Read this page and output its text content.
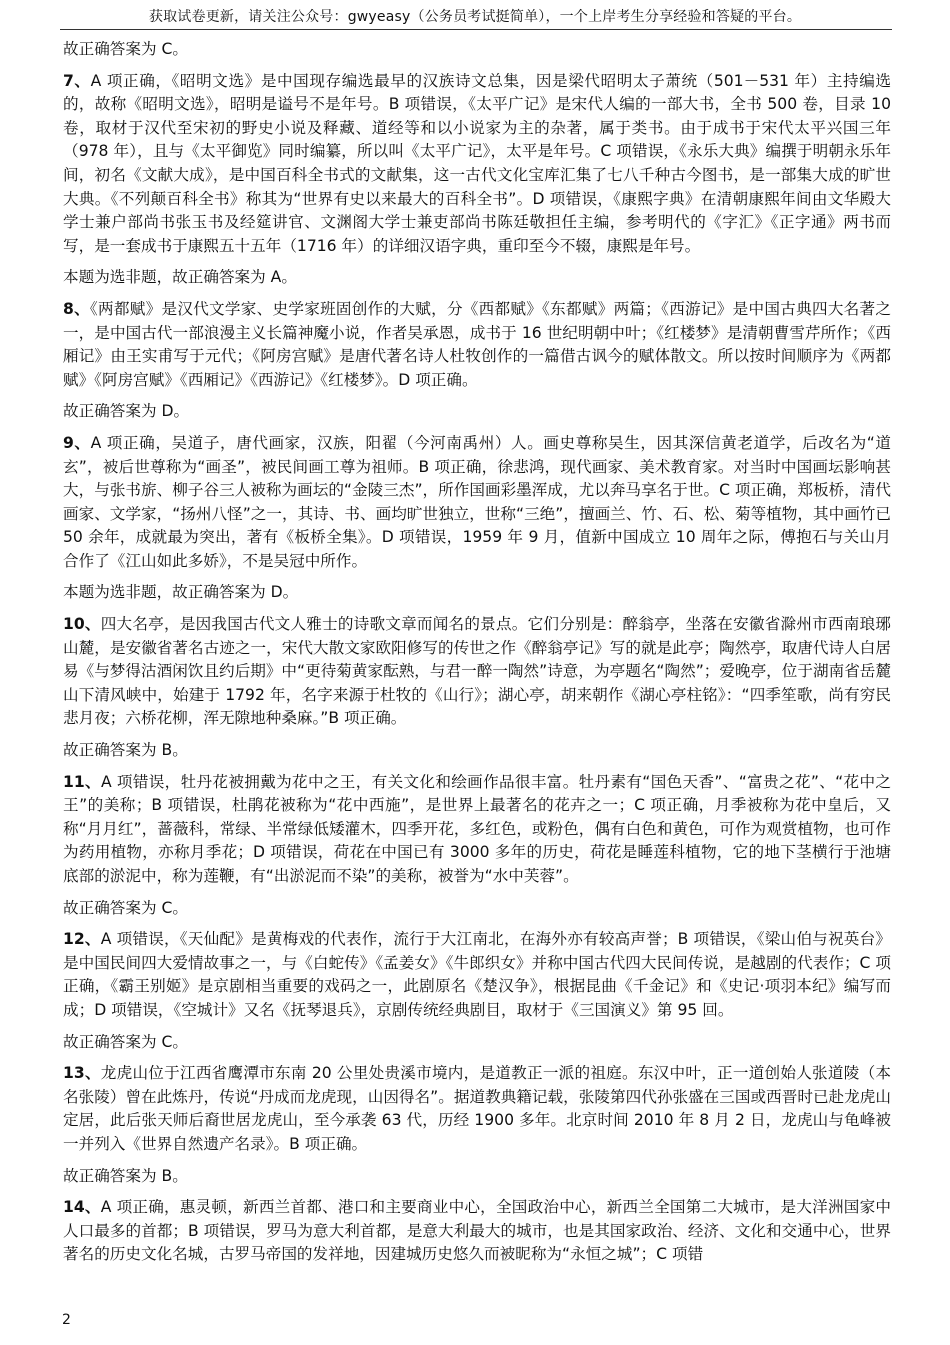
获取试卷更新，请关注公众号：gwyeasy（公务员考试挺简单），一个上岸考生分享经验和答疑的平台。

故正确答案为 C。

7、A 项正确，《昭明文选》是中国现存编选最早的汉族诗文总集，因是梁代昭明太子萧统（501－531 年）主持编选的，故称《昭明文选》，昭明是谥号不是年号。B 项错误，《太平广记》是宋代人编的一部大书，全书 500 卷，目录 10 卷，取材于汉代至宋初的野史小说及释藏、道经等和以小说家为主的杂著，属于类书。由于成书于宋代太平兴国三年（978 年），且与《太平御览》同时编纂，所以叫《太平广记》，太平是年号。C 项错误，《永乐大典》编撰于明朝永乐年间，初名《文献大成》，是中国百科全书式的文献集，这一古代文化宝库汇集了七八千种古今图书，是一部集大成的旷世大典。《不列颠百科全书》称其为“世界有史以来最大的百科全书”。D 项错误，《康熙字典》在清朝康熙年间由文华殿大学士兼户部尚书张玉书及经筵讲官、文渊阁大学士兼吏部尚书陈廷敬担任主编，参考明代的《字汇》《正字通》两书而写，是一套成书于康熙五十五年（1716 年）的详细汉语字典，重印至今不辍，康熙是年号。

本题为选非题，故正确答案为 A。

8、《两都赋》是汉代文学家、史学家班固创作的大赋，分《西都赋》《东都赋》两篇；《西游记》是中国古典四大名著之一，是中国古代一部浪漫主义长篇神魔小说，作者吴承恩，成书于 16 世纪明朝中叶；《红楼梦》是清朝曹雪芹所作；《西厢记》由王实甫写于元代；《阿房宫赋》是唐代著名诗人杜牧创作的一篇借古讽今的赋体散文。所以按时间顺序为《两都赋》《阿房宫赋》《西厢记》《西游记》《红楼梦》。D 项正确。

故正确答案为 D。

9、A 项正确，吴道子，唐代画家，汉族，阳翟（今河南禹州）人。画史尊称吴生，因其深信黄老道学，后改名为“道玄”，被后世尊称为“画圣”，被民间画工尊为祖师。B 项正确，徐悲鸿，现代画家、美术教育家。对当时中国画坛影响甚大，与张书旂、柳子谷三人被称为画坛的“金陵三杰”，所作国画彩墨浑成，尤以奔马享名于世。C 项正确，郑板桥，清代画家、文学家，“扬州八怪”之一，其诗、书、画均旷世独立，世称“三绝”，擅画兰、竹、石、松、菊等植物，其中画竹已 50 余年，成就最为突出，著有《板桥全集》。D 项错误，1959 年 9 月，值新中国成立 10 周年之际，傅抱石与关山月合作了《江山如此多娇》，不是吴冠中所作。

本题为选非题，故正确答案为 D。

10、四大名亭，是因我国古代文人雅士的诗歌文章而闻名的景点。它们分别是：醉翁亭，坐落在安徽省滁州市西南琅琊山麓，是安徽省著名古迹之一，宋代大散文家欧阳修写的传世之作《醉翁亭记》写的就是此亭；陶然亭，取唐代诗人白居易《与梦得沽酒闲饮且约后期》中“更待菊黄家酝熟，与君一醉一陶然”诗意，为亭题名“陶然”；爱晚亭，位于湖南省岳麓山下清风峡中，始建于 1792 年，名字来源于杜牧的《山行》；湖心亭，胡来朝作《湖心亭柱铭》：“四季笙歌，尚有穷民悲月夜；六桥花柳，浑无隙地种桑麻。”B 项正确。

故正确答案为 B。

11、A 项错误，牡丹花被拥戴为花中之王，有关文化和绘画作品很丰富。牡丹素有“国色天香”、“富贵之花”、“花中之王”的美称；B 项错误，杜鹃花被称为“花中西施”，是世界上最著名的花卉之一；C 项正确，月季被称为花中皇后，又称“月月红”，蔷薇科，常绿、半常绿低矮灌木，四季开花，多红色，或粉色，偶有白色和黄色，可作为观赏植物，也可作为药用植物，亦称月季花；D 项错误，荷花在中国已有 3000 多年的历史，荷花是睡莲科植物，它的地下茎横行于池塘底部的淤泥中，称为莲鞭，有“出淤泥而不染”的美称，被誉为“水中芙蓉”。

故正确答案为 C。

12、A 项错误，《天仙配》是黄梅戏的代表作，流行于大江南北，在海外亦有较高声誉；B 项错误，《梁山伯与祝英台》是中国民间四大爱情故事之一，与《白蛇传》《孟姜女》《牛郎织女》并称中国古代四大民间传说，是越剧的代表作；C 项正确，《霸王别姬》是京剧相当重要的戏码之一，此剧原名《楚汉争》，根据昆曲《千金记》和《史记·项羽本纪》编写而成；D 项错误，《空城计》又名《抚琴退兵》，京剧传统经典剧目，取材于《三国演义》第 95 回。

故正确答案为 C。

13、龙虎山位于江西省鹰潭市东南 20 公里处贵溪市境内，是道教正一派的祖庭。东汉中叶，正一道创始人张道陵（本名张陵）曾在此炼丹，传说“丹成而龙虎现，山因得名”。据道教典籍记载，张陵第四代孙张盛在三国或西晋时已赴龙虎山定居，此后张天师后裔世居龙虎山，至今承袭 63 代，历经 1900 多年。北京时间 2010 年 8 月 2 日，龙虎山与龟峰被一并列入《世界自然遗产名录》。B 项正确。

故正确答案为 B。

14、A 项正确，惠灵顿，新西兰首都、港口和主要商业中心，全国政治中心，新西兰全国第二大城市，是大洋洲国家中人口最多的首都；B 项错误，罗马为意大利首都，是意大利最大的城市，也是其国家政治、经济、文化和交通中心，世界著名的历史文化名城，古罗马帝国的发祥地，因建城历史悠久而被昵称为“永恒之城”；C 项错

2
